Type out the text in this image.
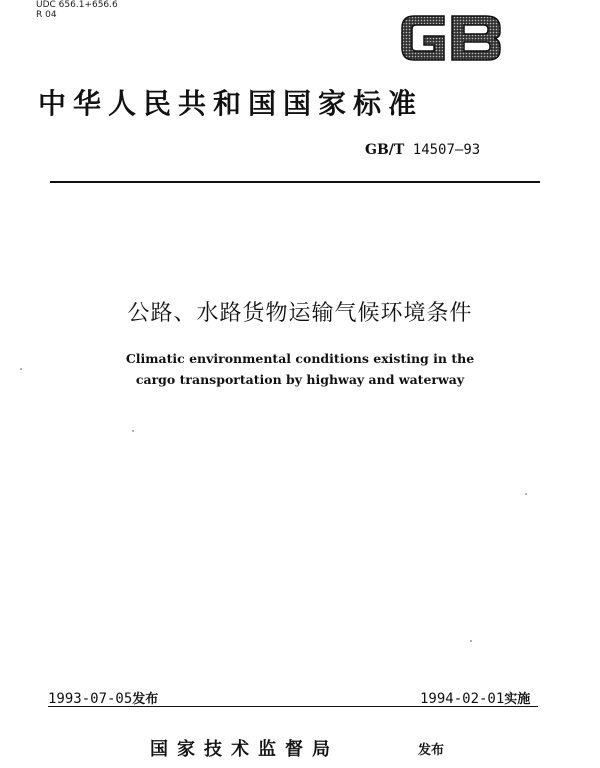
UDC 656.1+656.6
R 04
中华人民共和国国家标准
GB/T 14507—93
公路、水路货物运输气候环境条件
Climatic environmental conditions existing in the
cargo transportation by highway and waterway
1993-07-05发布	1994-02-01实施
国家技术监督局	发布
